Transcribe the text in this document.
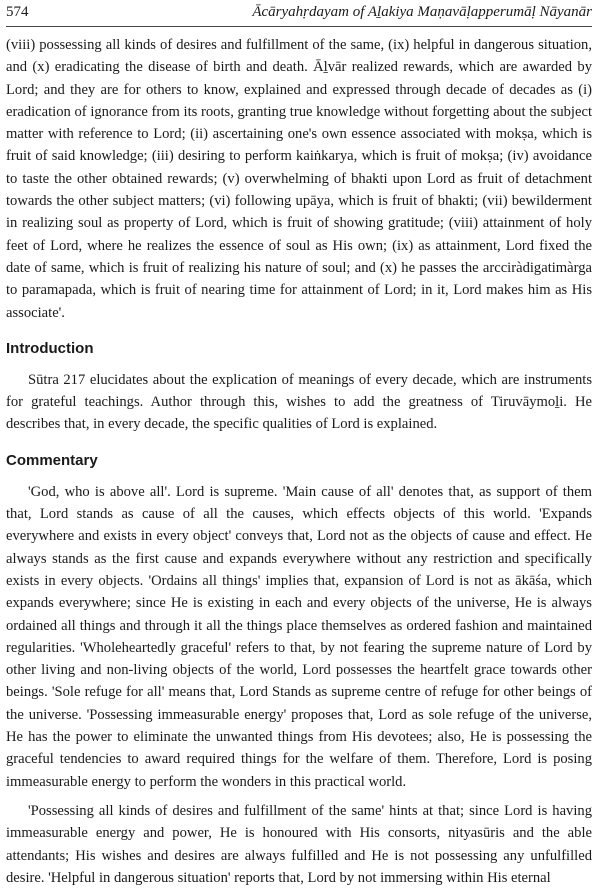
574	Ācāryahṛdayam of Aḻakiya Maṇavāḷapperumāḷ Nāyanār

(viii) possessing all kinds of desires and fulfillment of the same, (ix) helpful in dangerous situation, and (x) eradicating the disease of birth and death. Āḻvār realized rewards, which are awarded by Lord; and they are for others to know, explained and expressed through decade of decades as (i) eradication of ignorance from its roots, granting true knowledge without forgetting about the subject matter with reference to Lord; (ii) ascertaining one's own essence associated with mokṣa, which is fruit of said knowledge; (iii) desiring to perform kaiṅkarya, which is fruit of mokṣa; (iv) avoidance to taste the other obtained rewards; (v) overwhelming of bhakti upon Lord as fruit of detachment towards the other subject matters; (vi) following upāya, which is fruit of bhakti; (vii) bewilderment in realizing soul as property of Lord, which is fruit of showing gratitude; (viii) attainment of holy feet of Lord, where he realizes the essence of soul as His own; (ix) as attainment, Lord fixed the date of same, which is fruit of realizing his nature of soul; and (x) he passes the arcciràdigatimàrga to paramapada, which is fruit of nearing time for attainment of Lord; in it, Lord makes him as His associate'.

Introduction

Sūtra 217 elucidates about the explication of meanings of every decade, which are instruments for grateful teachings. Author through this, wishes to add the greatness of Tiruvāymoḻi. He describes that, in every decade, the specific qualities of Lord is explained.

Commentary

'God, who is above all'. Lord is supreme. 'Main cause of all' denotes that, as support of them that, Lord stands as cause of all the causes, which effects objects of this world. 'Expands everywhere and exists in every object' conveys that, Lord not as the objects of cause and effect. He always stands as the first cause and expands everywhere without any restriction and specifically exists in every objects. 'Ordains all things' implies that, expansion of Lord is not as ākāśa, which expands everywhere; since He is existing in each and every objects of the universe, He is always ordained all things and through it all the things place themselves as ordered fashion and maintained regularities. 'Wholeheartedly graceful' refers to that, by not fearing the supreme nature of Lord by other living and non-living objects of the world, Lord possesses the heartfelt grace towards other beings. 'Sole refuge for all' means that, Lord Stands as supreme centre of refuge for other beings of the universe. 'Possessing immeasurable energy' proposes that, Lord as sole refuge of the universe, He has the power to eliminate the unwanted things from His devotees; also, He is possessing the graceful tendencies to award required things for the welfare of them. Therefore, Lord is posing immeasurable energy to perform the wonders in this practical world.

'Possessing all kinds of desires and fulfillment of the same' hints at that; since Lord is having immeasurable energy and power, He is honoured with His consorts, nityasūris and the able attendants; His wishes and desires are always fulfilled and He is not possessing any unfulfilled desire. 'Helpful in dangerous situation' reports that, Lord by not immersing within His eternal
